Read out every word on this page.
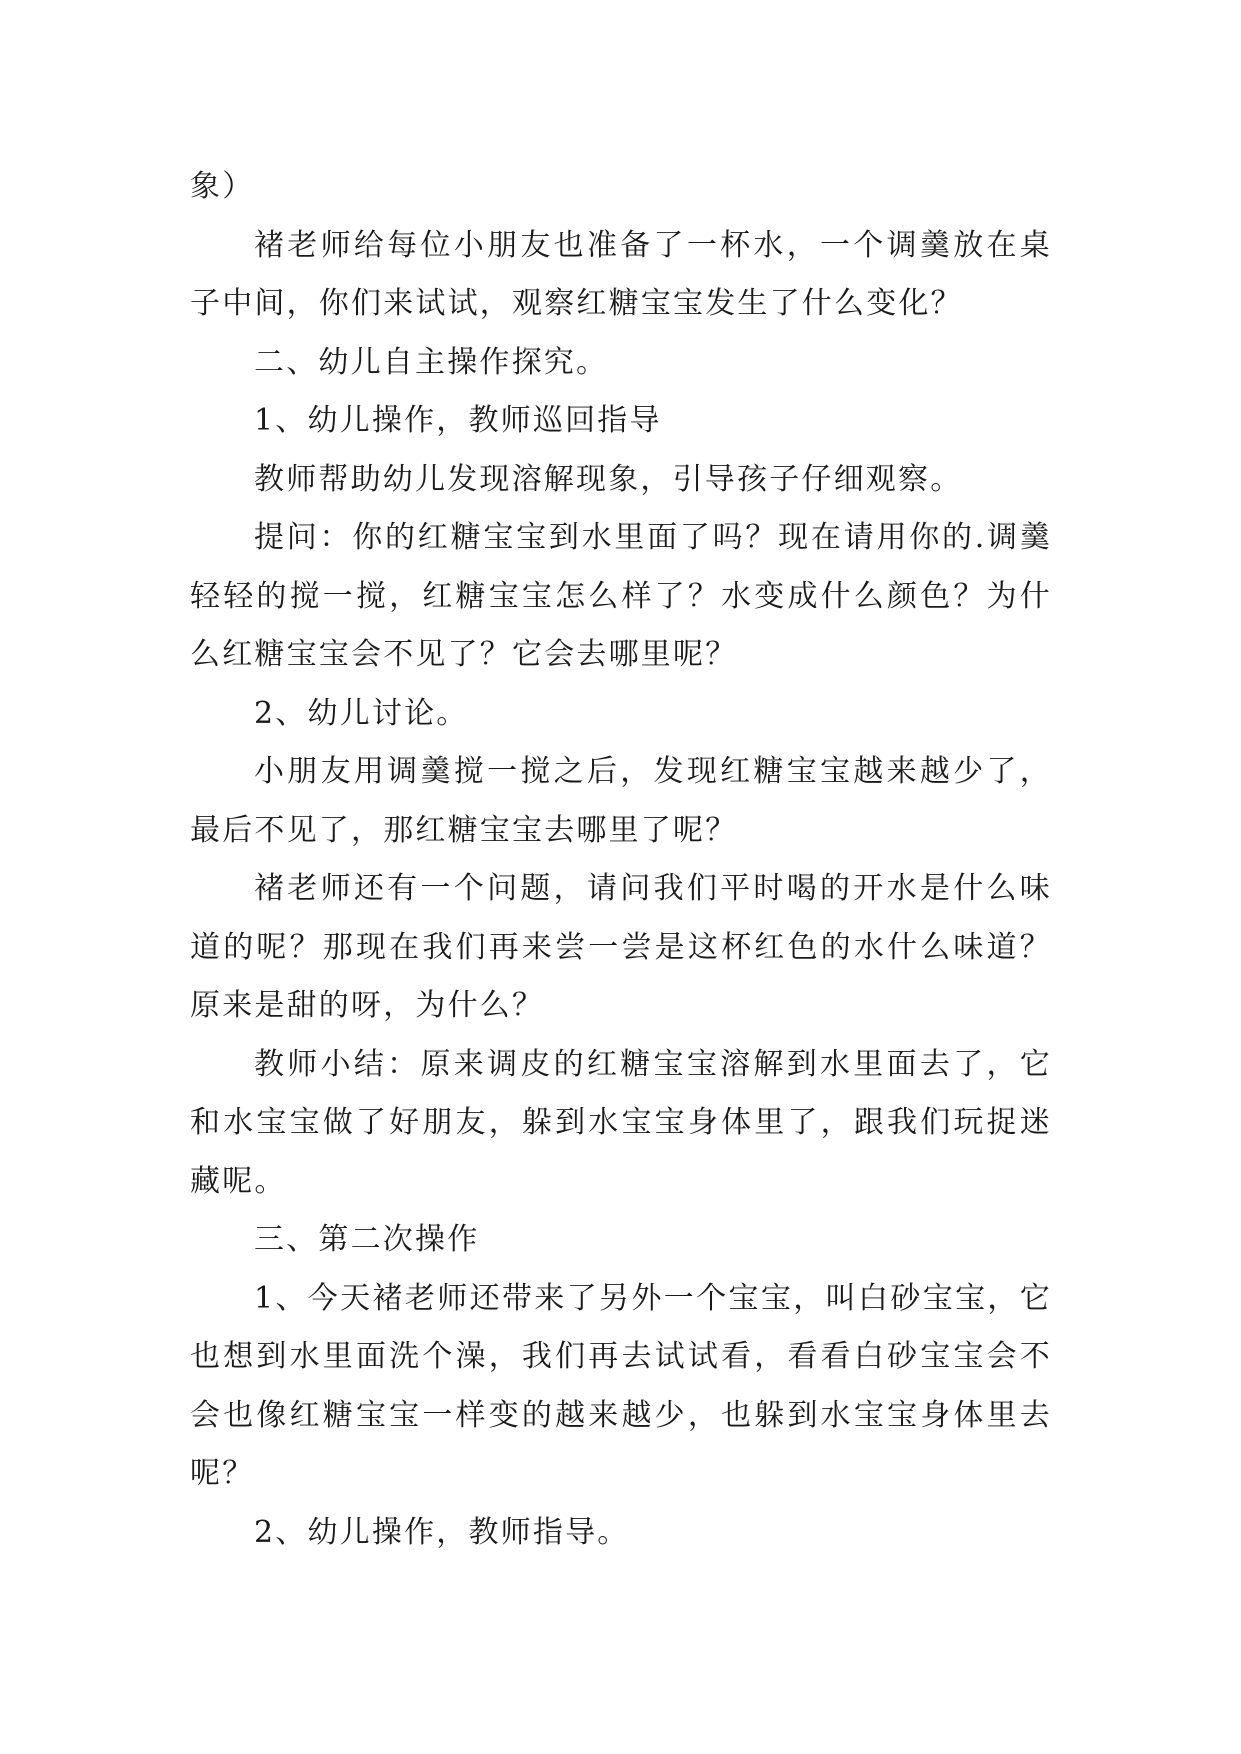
象）

褚老师给每位小朋友也准备了一杯水，一个调羹放在桌子中间，你们来试试，观察红糖宝宝发生了什么变化？

二、幼儿自主操作探究。

1、幼儿操作，教师巡回指导

教师帮助幼儿发现溶解现象，引导孩子仔细观察。

提问：你的红糖宝宝到水里面了吗？现在请用你的.调羹轻轻的搅一搅，红糖宝宝怎么样了？水变成什么颜色？为什么红糖宝宝会不见了？它会去哪里呢？

2、幼儿讨论。

小朋友用调羹搅一搅之后，发现红糖宝宝越来越少了，最后不见了，那红糖宝宝去哪里了呢？

褚老师还有一个问题，请问我们平时喝的开水是什么味道的呢？那现在我们再来尝一尝是这杯红色的水什么味道？原来是甜的呀，为什么？

教师小结：原来调皮的红糖宝宝溶解到水里面去了，它和水宝宝做了好朋友，躲到水宝宝身体里了，跟我们玩捉迷藏呢。

三、第二次操作

1、今天褚老师还带来了另外一个宝宝，叫白砂宝宝，它也想到水里面洗个澡，我们再去试试看，看看白砂宝宝会不会也像红糖宝宝一样变的越来越少，也躲到水宝宝身体里去呢？

2、幼儿操作，教师指导。
